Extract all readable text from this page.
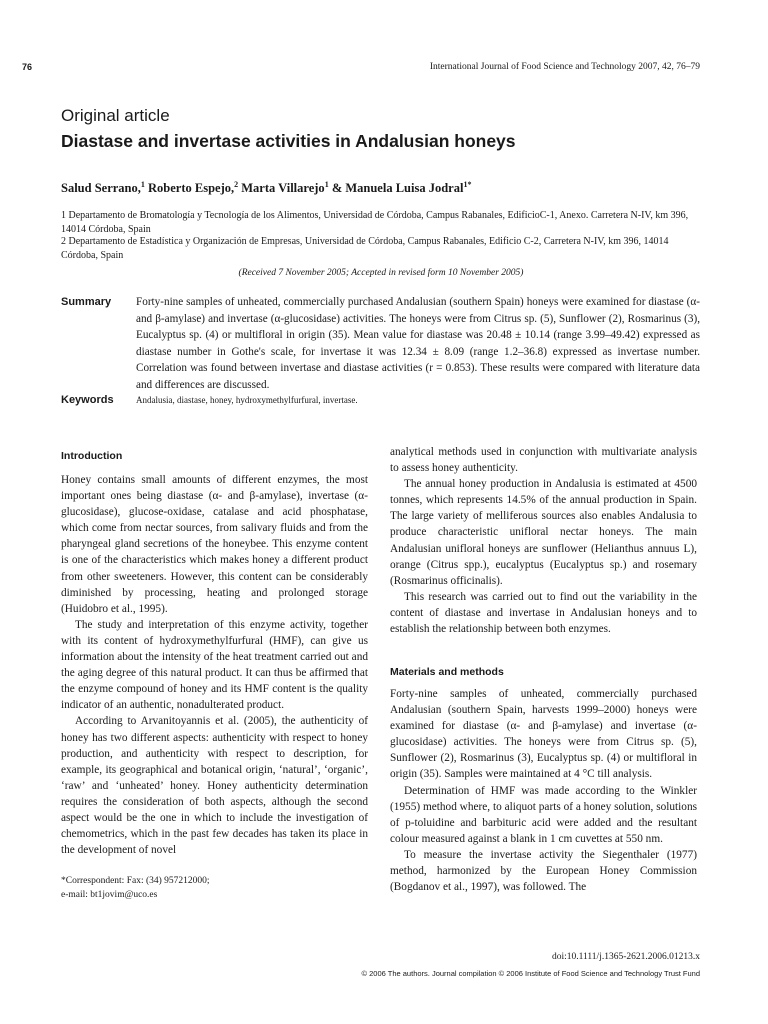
76	International Journal of Food Science and Technology 2007, 42, 76–79
Original article
Diastase and invertase activities in Andalusian honeys
Salud Serrano,$^1$ Roberto Espejo,$^2$ Marta Villarejo$^1$ & Manuela Luisa Jodral$^{1*}$
1 Departamento de Bromatología y Tecnología de los Alimentos, Universidad de Córdoba, Campus Rabanales, EdificioC-1, Anexo. Carretera N-IV, km 396, 14014 Córdoba, Spain
2 Departamento de Estadística y Organización de Empresas, Universidad de Córdoba, Campus Rabanales, Edificio C-2, Carretera N-IV, km 396, 14014 Córdoba, Spain
(Received 7 November 2005; Accepted in revised form 10 November 2005)
Summary Forty-nine samples of unheated, commercially purchased Andalusian (southern Spain) honeys were examined for diastase (α- and β-amylase) and invertase (α-glucosidase) activities. The honeys were from Citrus sp. (5), Sunflower (2), Rosmarinus (3), Eucalyptus sp. (4) or multifloral in origin (35). Mean value for diastase was 20.48 ± 10.14 (range 3.99–49.42) expressed as diastase number in Gothe's scale, for invertase it was 12.34 ± 8.09 (range 1.2–36.8) expressed as invertase number. Correlation was found between invertase and diastase activities (r = 0.853). These results were compared with literature data and differences are discussed.
Keywords Andalusia, diastase, honey, hydroxymethylfurfural, invertase.
Introduction

Honey contains small amounts of different enzymes, the most important ones being diastase (α- and β-amylase), invertase (α-glucosidase), glucose-oxidase, catalase and acid phosphatase, which come from nectar sources, from salivary fluids and from the pharyngeal gland secretions of the honeybee. This enzyme content is one of the characteristics which makes honey a different product from other sweeteners. However, this content can be considerably diminished by processing, heating and prolonged storage (Huidobro et al., 1995).

The study and interpretation of this enzyme activity, together with its content of hydroxymethylfurfural (HMF), can give us information about the intensity of the heat treatment carried out and the aging degree of this natural product. It can thus be affirmed that the enzyme compound of honey and its HMF content is the quality indicator of an authentic, nonadulterated product.

According to Arvanitoyannis et al. (2005), the authenticity of honey has two different aspects: authenticity with respect to honey production, and authenticity with respect to description, for example, its geographical and botanical origin, ‘natural’, ‘organic’, ‘raw’ and ‘unheated’ honey. Honey authenticity determination requires the consideration of both aspects, although the second aspect would be the one in which to include the investigation of chemometrics, which in the past few decades has taken its place in the development of novel

analytical methods used in conjunction with multivariate analysis to assess honey authenticity.

The annual honey production in Andalusia is estimated at 4500 tonnes, which represents 14.5% of the annual production in Spain. The large variety of melliferous sources also enables Andalusia to produce characteristic unifloral nectar honeys. The main Andalusian unifloral honeys are sunflower (Helianthus annuus L), orange (Citrus spp.), eucalyptus (Eucalyptus sp.) and rosemary (Rosmarinus officinalis).

This research was carried out to find out the variability in the content of diastase and invertase in Andalusian honeys and to establish the relationship between both enzymes.

Materials and methods

Forty-nine samples of unheated, commercially purchased Andalusian (southern Spain, harvests 1999–2000) honeys were examined for diastase (α- and β-amylase) and invertase (α-glucosidase) activities. The honeys were from Citrus sp. (5), Sunflower (2), Rosmarinus (3), Eucalyptus sp. (4) or multifloral in origin (35). Samples were maintained at 4 °C till analysis.

Determination of HMF was made according to the Winkler (1955) method where, to aliquot parts of a honey solution, solutions of p-toluidine and barbituric acid were added and the resultant colour measured against a blank in 1 cm cuvettes at 550 nm.

To measure the invertase activity the Siegenthaler (1977) method, harmonized by the European Honey Commission (Bogdanov et al., 1997), was followed. The

*Correspondent: Fax: (34) 957212000;
e-mail: bt1jovim@uco.es
doi:10.1111/j.1365-2621.2006.01213.x
© 2006 The authors. Journal compilation © 2006 Institute of Food Science and Technology Trust Fund
